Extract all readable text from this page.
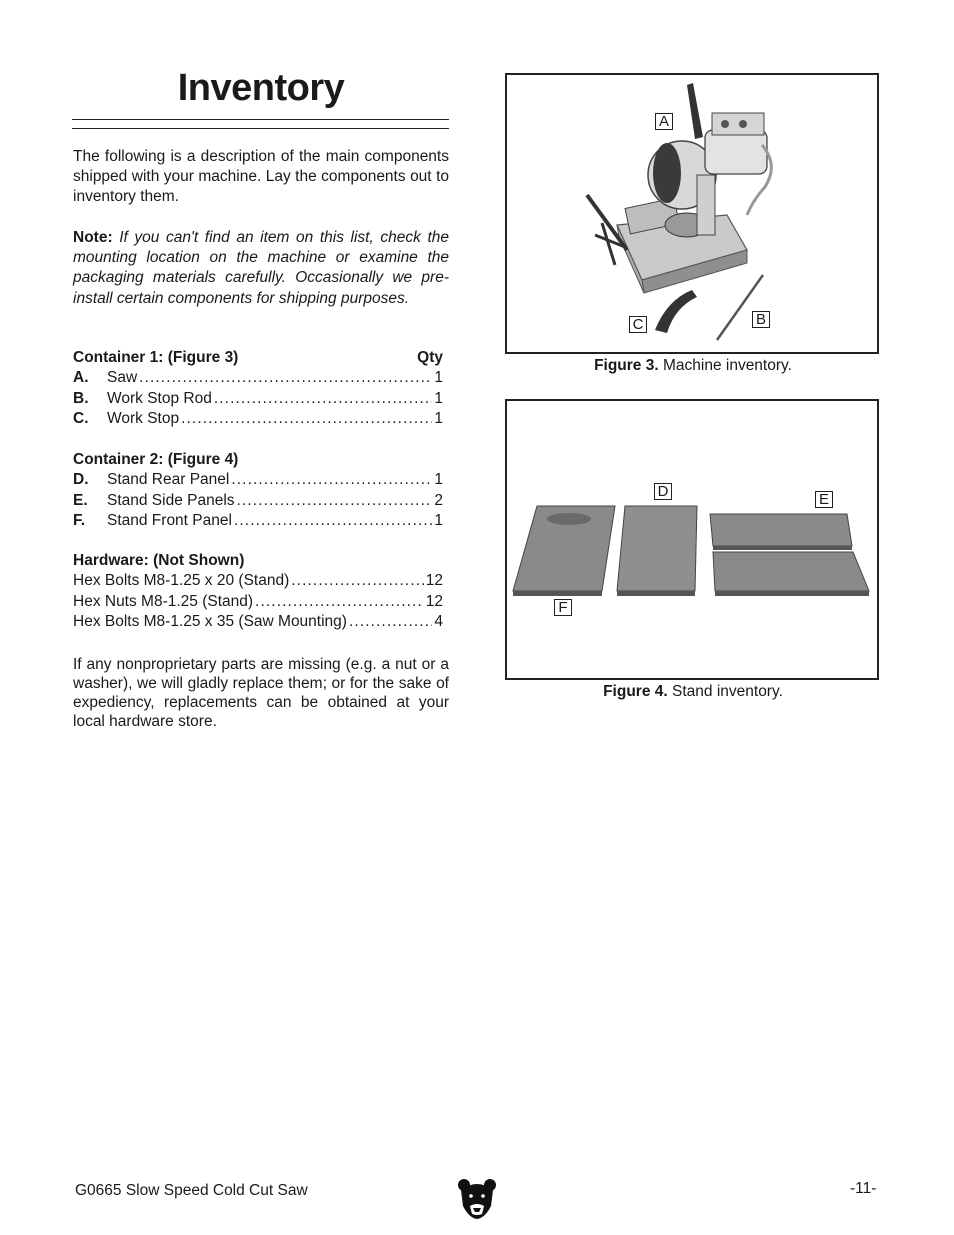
Inventory
The following is a description of the main components shipped with your machine. Lay the components out to inventory them.
Note: If you can't find an item on this list, check the mounting location on the machine or examine the packaging materials carefully. Occasionally we pre-install certain components for shipping purposes.
Container 1: (Figure 3)	Qty
A.	Saw . . .	1
B.	Work Stop Rod . . .	1
C.	Work Stop . . .	1
Container 2: (Figure 4)
D.	Stand Rear Panel . . .	1
E.	Stand Side Panels . . .	2
F.	Stand Front Panel . . .	1
Hardware: (Not Shown)
Hex Bolts M8-1.25 x 20 (Stand) . . .	12
Hex Nuts M8-1.25 (Stand) . . .	12
Hex Bolts M8-1.25 x 35 (Saw Mounting) . . .	4
If any nonproprietary parts are missing (e.g. a nut or a washer), we will gladly replace them; or for the sake of expediency, replacements can be obtained at your local hardware store.
A
B
C
Figure 3. Machine inventory.
D	E
F
Figure 4. Stand inventory.
G0665 Slow Speed Cold Cut Saw	-11-
